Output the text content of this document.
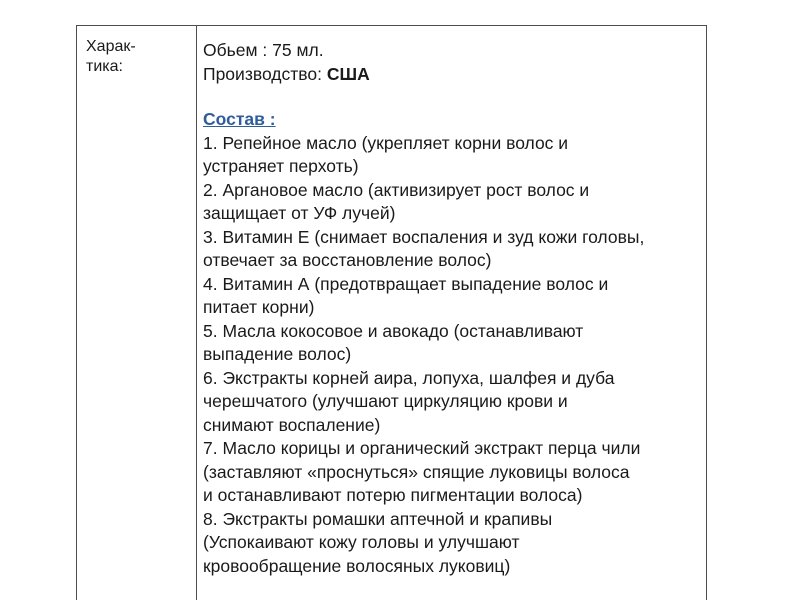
Харак-
тика:
Обьем : 75 мл.
Производство: США
Состав :
1. Репейное масло (укрепляет корни волос и
устраняет перхоть)
2. Аргановое масло (активизирует рост волос и
защищает от УФ лучей)
3. Витамин Е (снимает воспаления и зуд кожи головы,
отвечает за восстановление волос)
4. Витамин А (предотвращает выпадение волос и
питает корни)
5. Масла кокосовое и авокадо (останавливают
выпадение волос)
6. Экстракты корней аира, лопуха, шалфея и дуба
черешчатого (улучшают циркуляцию крови и
снимают воспаление)
7. Масло корицы и органический экстракт перца чили
(заставляют «проснуться» спящие луковицы волоса
и останавливают потерю пигментации волоса)
8. Экстракты ромашки аптечной и крапивы
(Успокаивают кожу головы и улучшают
кровообращение волосяных луковиц)
